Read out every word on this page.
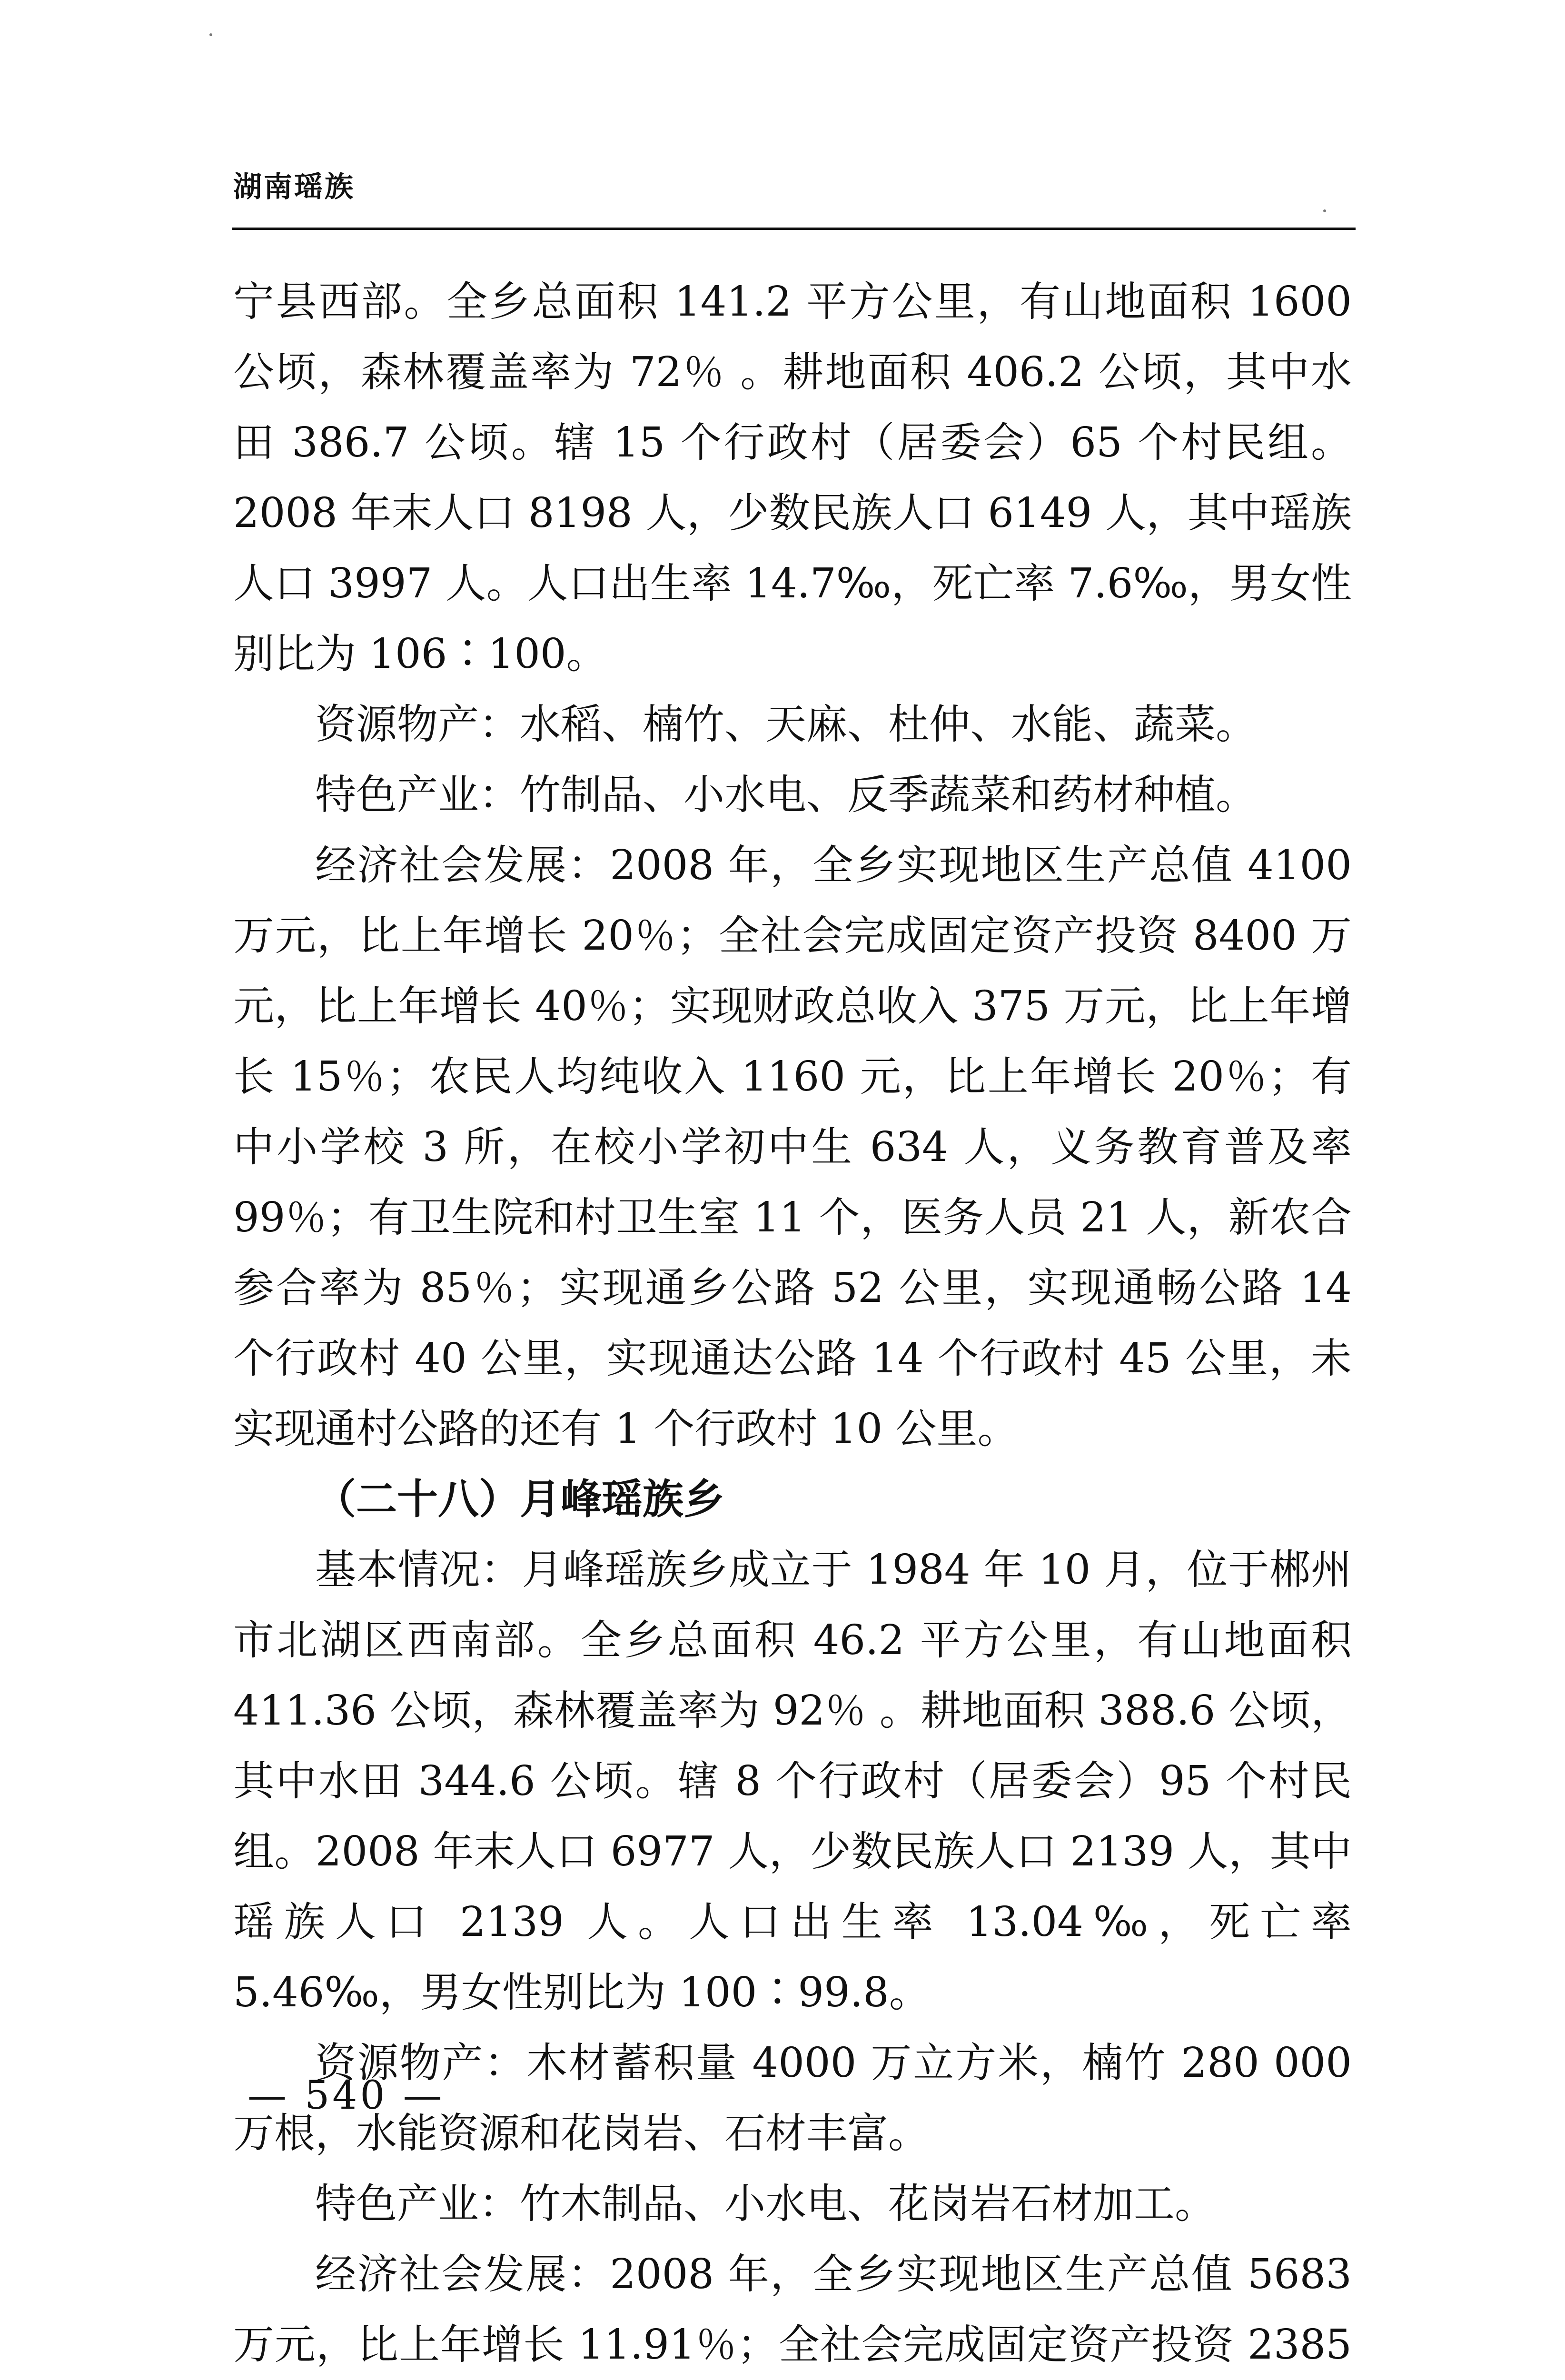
湖南瑶族

宁县西部。全乡总面积 141.2 平方公里，有山地面积 1600 公顷，森林覆盖率为 72％ 。耕地面积 406.2 公顷，其中水田 386.7 公顷。辖 15 个行政村（居委会）65 个村民组。2008 年末人口 8198 人，少数民族人口 6149 人，其中瑶族人口 3997 人。人口出生率 14.7‰，死亡率 7.6‰，男女性别比为 106∶100。

资源物产：水稻、楠竹、天麻、杜仲、水能、蔬菜。

特色产业：竹制品、小水电、反季蔬菜和药材种植。

经济社会发展：2008 年，全乡实现地区生产总值 4100 万元，比上年增长 20％；全社会完成固定资产投资 8400 万元，比上年增长 40％；实现财政总收入 375 万元，比上年增长 15％；农民人均纯收入 1160 元，比上年增长 20％；有中小学校 3 所，在校小学初中生 634 人，义务教育普及率 99％；有卫生院和村卫生室 11 个，医务人员 21 人，新农合参合率为 85％；实现通乡公路 52 公里，实现通畅公路 14 个行政村 40 公里，实现通达公路 14 个行政村 45 公里，未实现通村公路的还有 1 个行政村 10 公里。

（二十八）月峰瑶族乡

基本情况：月峰瑶族乡成立于 1984 年 10 月，位于郴州市北湖区西南部。全乡总面积 46.2 平方公里，有山地面积 411.36 公顷，森林覆盖率为 92％ 。耕地面积 388.6 公顷，其中水田 344.6 公顷。辖 8 个行政村（居委会）95 个村民组。2008 年末人口 6977 人，少数民族人口 2139 人，其中瑶族人口 2139 人。人口出生率 13.04‰，死亡率 5.46‰，男女性别比为 100∶99.8。

资源物产：木材蓄积量 4000 万立方米，楠竹 280 000 万根，水能资源和花岗岩、石材丰富。

特色产业：竹木制品、小水电、花岗岩石材加工。

经济社会发展：2008 年，全乡实现地区生产总值 5683 万元，比上年增长 11.91％；全社会完成固定资产投资 2385

— 540 —
